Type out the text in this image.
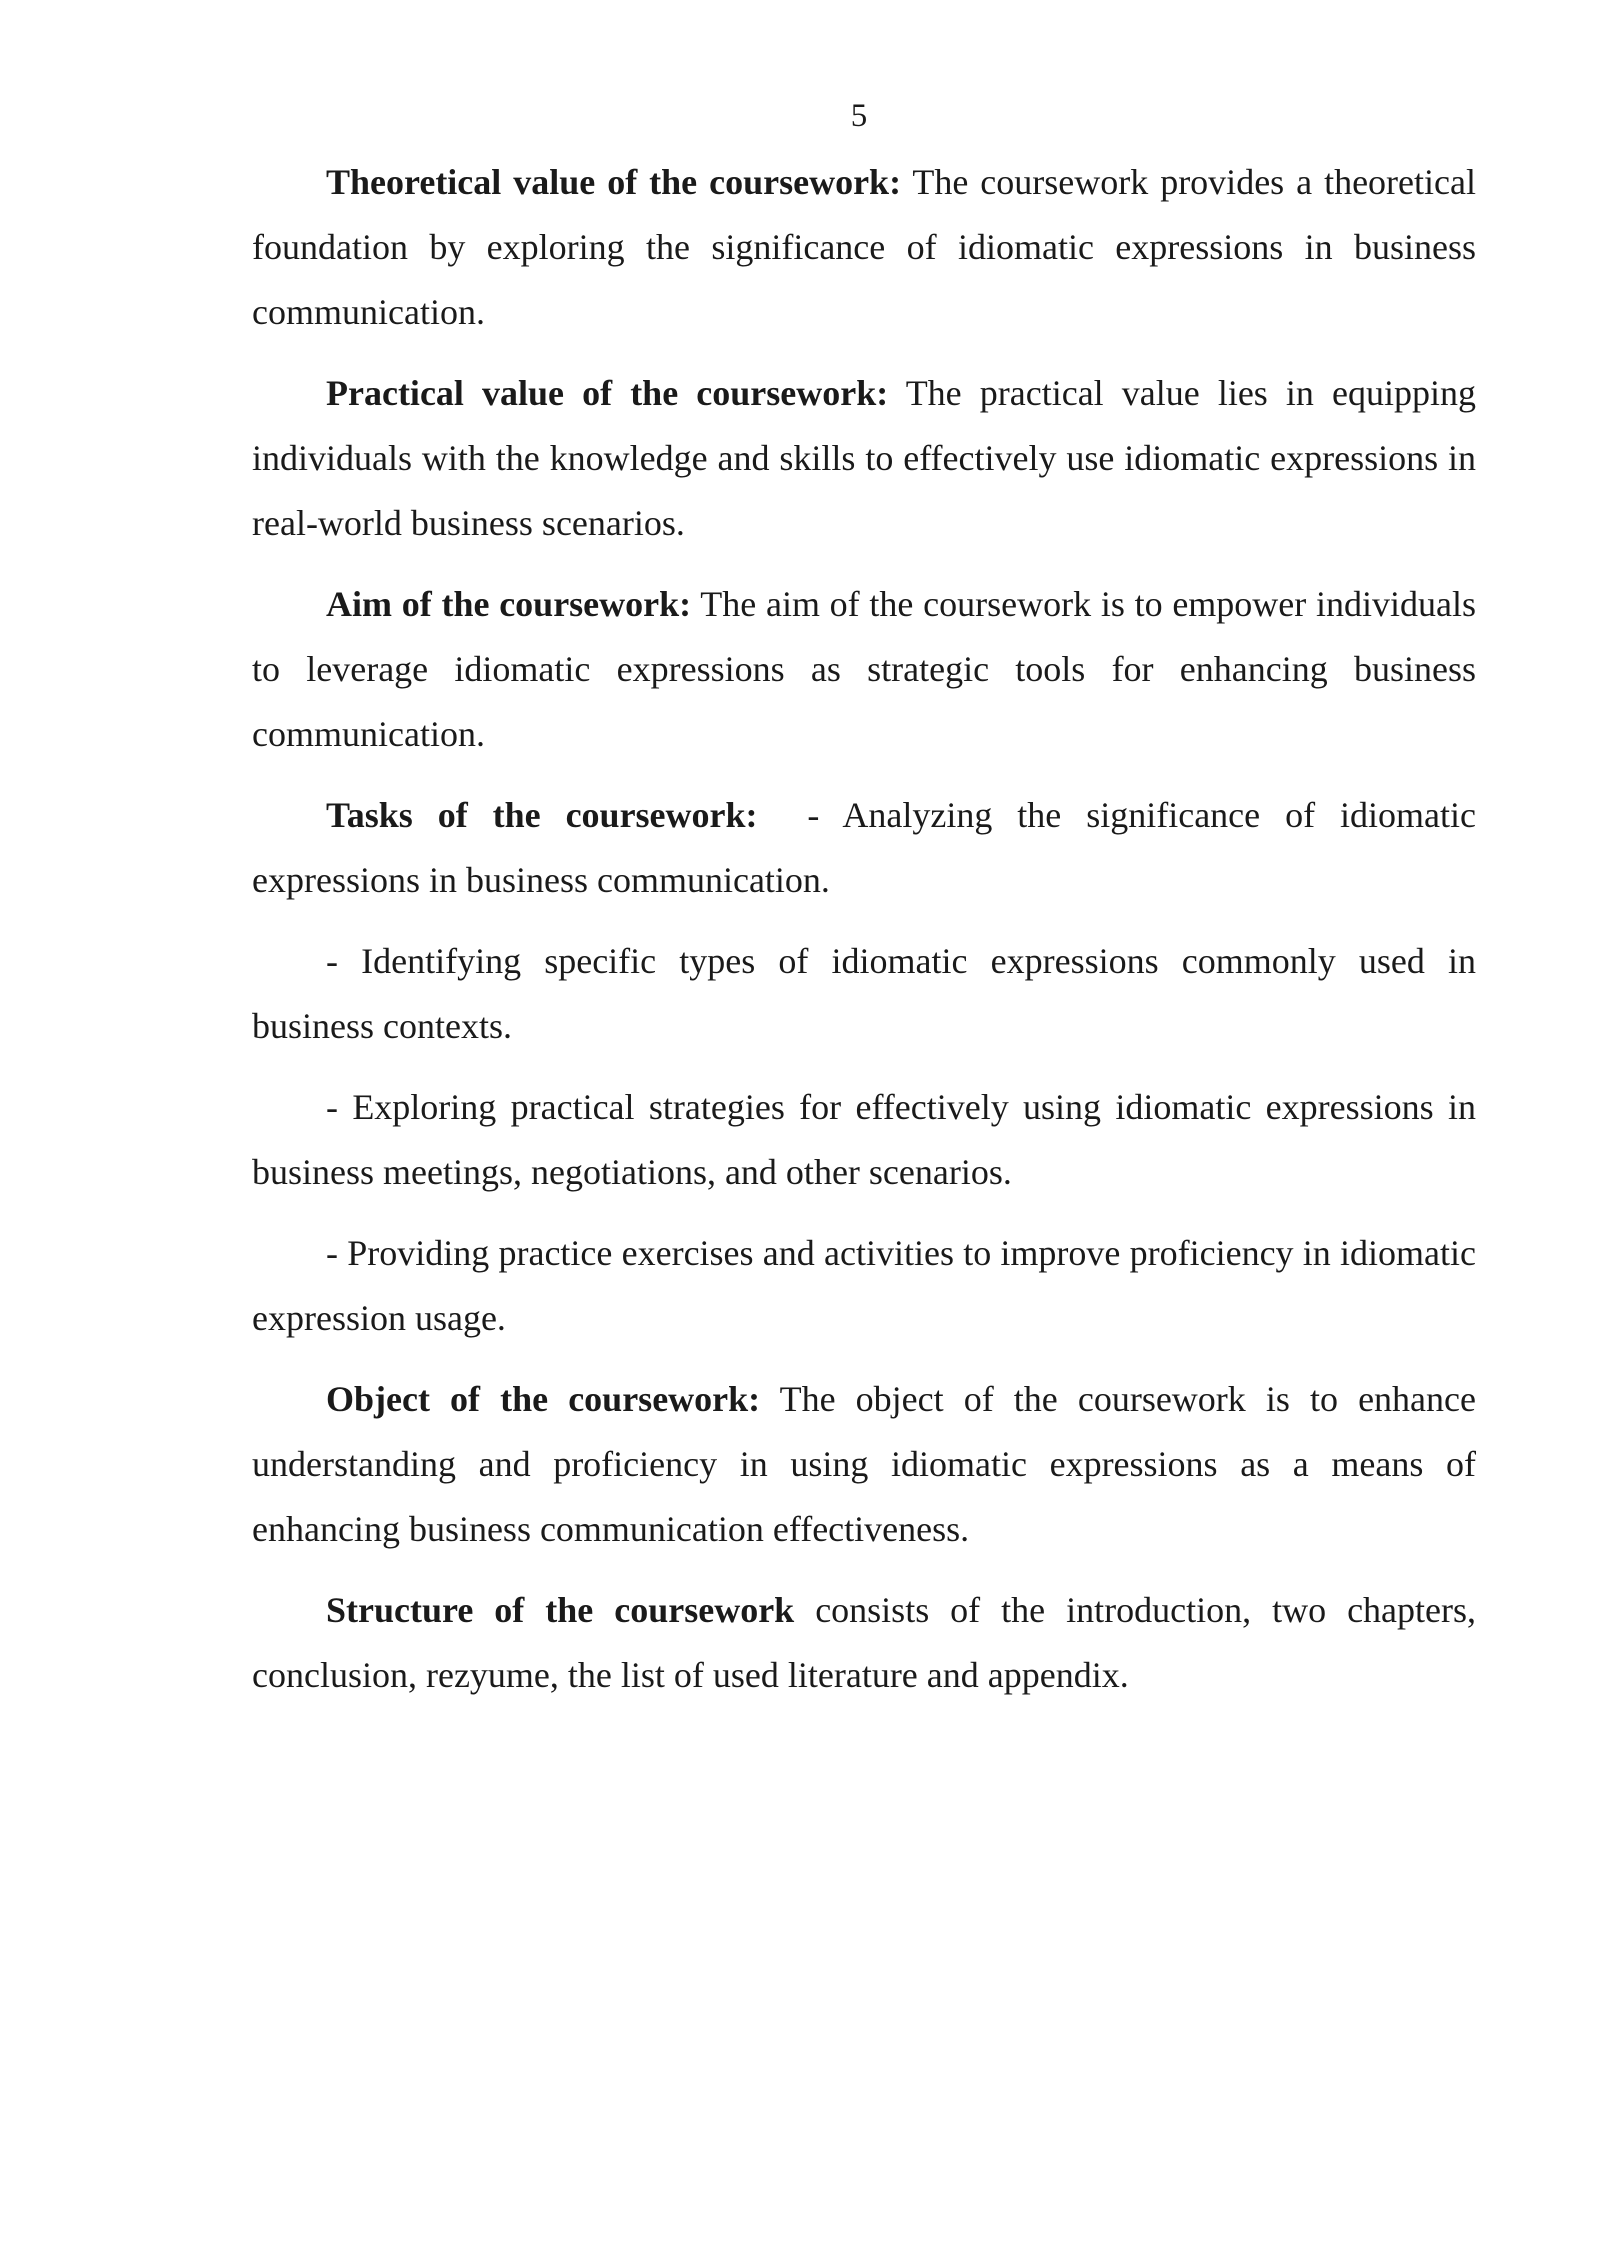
5

Theoretical value of the coursework: The coursework provides a theoretical foundation by exploring the significance of idiomatic expressions in business communication.

Practical value of the coursework: The practical value lies in equipping individuals with the knowledge and skills to effectively use idiomatic expressions in real-world business scenarios.

Aim of the coursework: The aim of the coursework is to empower individuals to leverage idiomatic expressions as strategic tools for enhancing business communication.

Tasks of the coursework:  - Analyzing the significance of idiomatic expressions in business communication.

- Identifying specific types of idiomatic expressions commonly used in business contexts.

- Exploring practical strategies for effectively using idiomatic expressions in business meetings, negotiations, and other scenarios.

- Providing practice exercises and activities to improve proficiency in idiomatic expression usage.

Object of the coursework: The object of the coursework is to enhance understanding and proficiency in using idiomatic expressions as a means of enhancing business communication effectiveness.

Structure of the coursework consists of the introduction, two chapters, conclusion, rezyume, the list of used literature and appendix.
